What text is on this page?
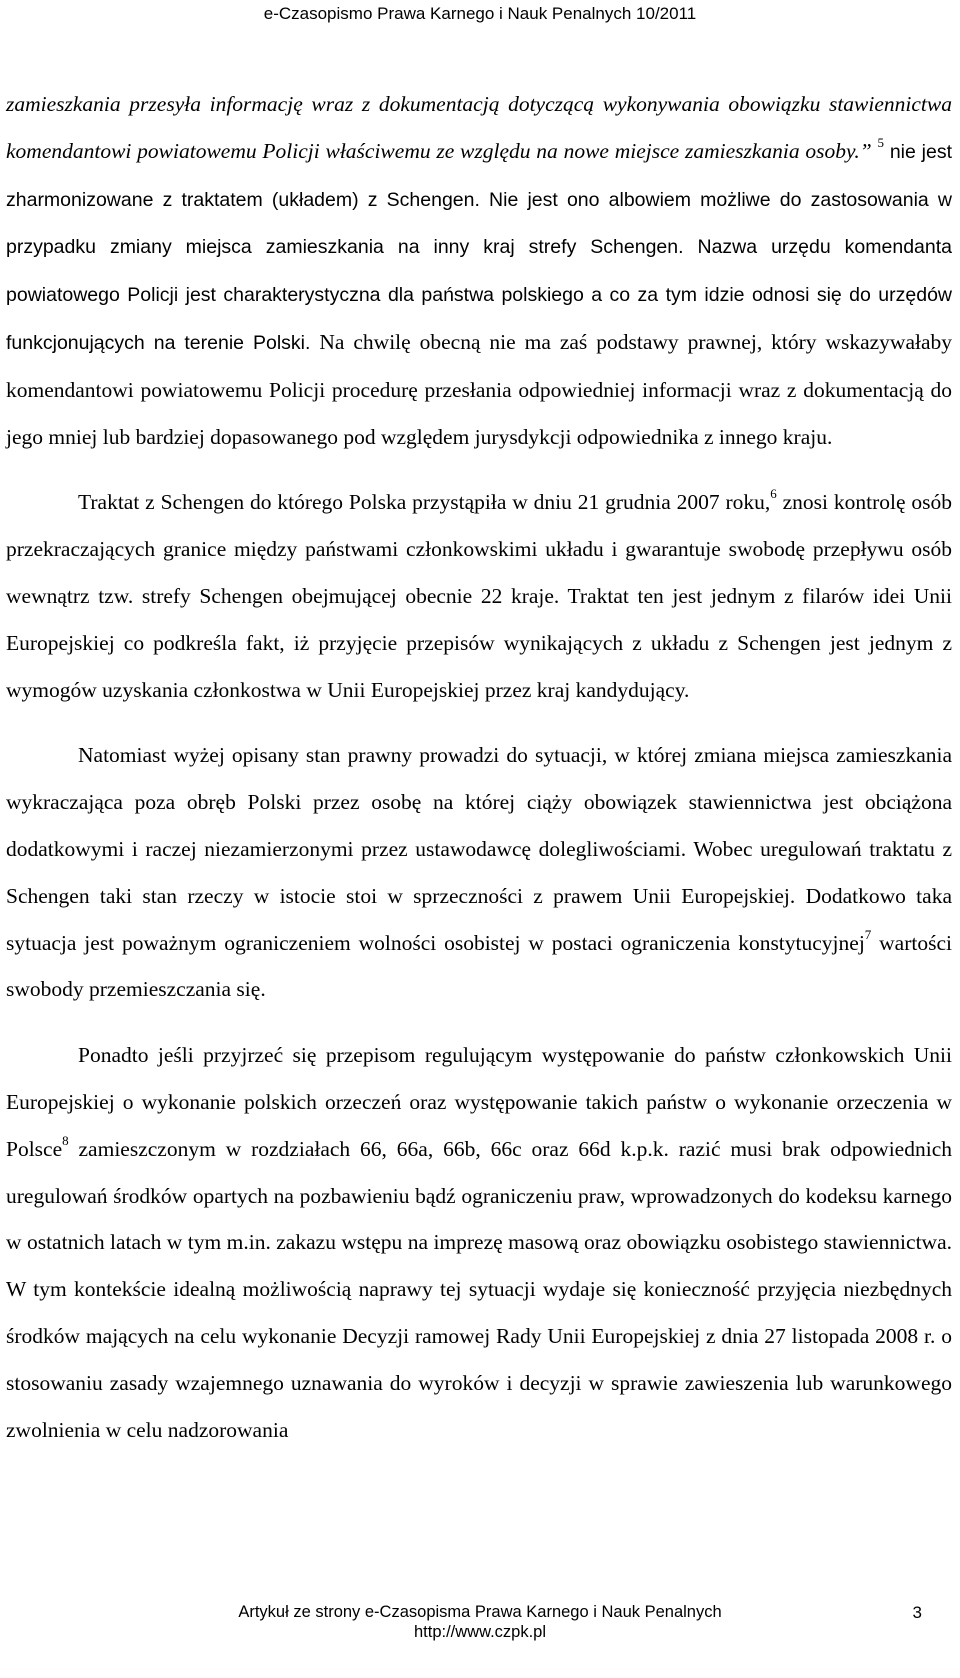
e-Czasopismo Prawa Karnego i Nauk Penalnych 10/2011

zamieszkania przesyła informację wraz z dokumentacją dotyczącą wykonywania obowiązku stawiennictwa komendantowi powiatowemu Policji właściwemu ze względu na nowe miejsce zamieszkania osoby.” $^5$ nie jest zharmonizowane z traktatem (układem) z Schengen. Nie jest ono albowiem możliwe do zastosowania w przypadku zmiany miejsca zamieszkania na inny kraj strefy Schengen. Nazwa urzędu komendanta powiatowego Policji jest charakterystyczna dla państwa polskiego a co za tym idzie odnosi się do urzędów funkcjonujących na terenie Polski. Na chwilę obecną nie ma zaś podstawy prawnej, który wskazywałaby komendantowi powiatowemu Policji procedurę przesłania odpowiedniej informacji wraz z dokumentacją do jego mniej lub bardziej dopasowanego pod względem jurysdykcji odpowiednika z innego kraju.

Traktat z Schengen do którego Polska przystąpiła w dniu 21 grudnia 2007 roku,$^6$ znosi kontrolę osób przekraczających granice między państwami członkowskimi układu i gwarantuje swobodę przepływu osób wewnątrz tzw. strefy Schengen obejmującej obecnie 22 kraje. Traktat ten jest jednym z filarów idei Unii Europejskiej co podkreśla fakt, iż przyjęcie przepisów wynikających z układu z Schengen jest jednym z wymogów uzyskania członkostwa w Unii Europejskiej przez kraj kandydujący.

Natomiast wyżej opisany stan prawny prowadzi do sytuacji, w której zmiana miejsca zamieszkania wykraczająca poza obręb Polski przez osobę na której ciąży obowiązek stawiennictwa jest obciążona dodatkowymi i raczej niezamierzonymi przez ustawodawcę dolegliwościami. Wobec uregulowań traktatu z Schengen taki stan rzeczy w istocie stoi w sprzeczności z prawem Unii Europejskiej. Dodatkowo taka sytuacja jest poważnym ograniczeniem wolności osobistej w postaci ograniczenia konstytucyjnej$^7$ wartości swobody przemieszczania się.

Ponadto jeśli przyjrzeć się przepisom regulującym występowanie do państw członkowskich Unii Europejskiej o wykonanie polskich orzeczeń oraz występowanie takich państw o wykonanie orzeczenia w Polsce$^8$ zamieszczonym w rozdziałach 66, 66a, 66b, 66c oraz 66d k.p.k. razić musi brak odpowiednich uregulowań środków opartych na pozbawieniu bądź ograniczeniu praw, wprowadzonych do kodeksu karnego w ostatnich latach w tym m.in. zakazu wstępu na imprezę masową oraz obowiązku osobistego stawiennictwa. W tym kontekście idealną możliwością naprawy tej sytuacji wydaje się konieczność przyjęcia niezbędnych środków mających na celu wykonanie Decyzji ramowej Rady Unii Europejskiej z dnia 27 listopada 2008 r. o stosowaniu zasady wzajemnego uznawania do wyroków i decyzji w sprawie zawieszenia lub warunkowego zwolnienia w celu nadzorowania

Artykuł ze strony e-Czasopisma Prawa Karnego i Nauk Penalnych
http://www.czpk.pl
3
